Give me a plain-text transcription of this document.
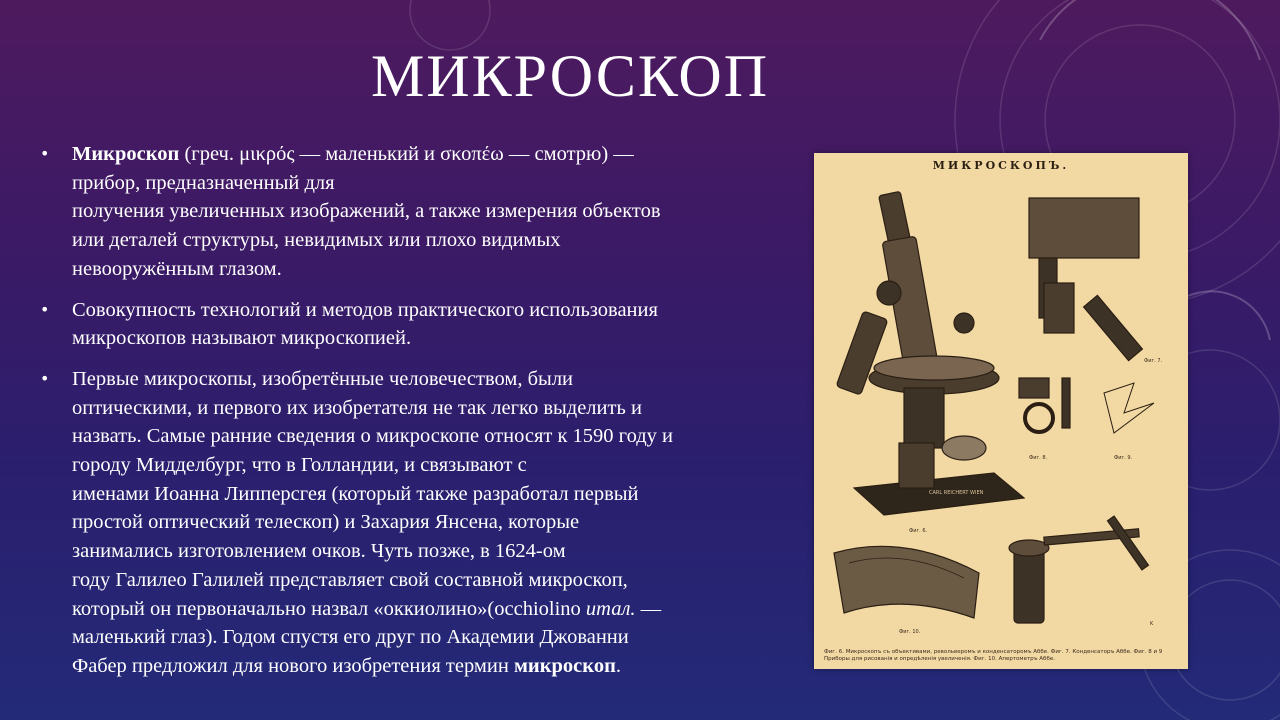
МИКРОСКОП
• Микроскоп (греч. μικρός — маленький и σκοπέω — смотрю) —
прибор, предназначенный для
получения увеличенных изображений, а также измерения объектов
или деталей структуры, невидимых или плохо видимых
невооружённым глазом.
• Совокупность технологий и методов практического использования
микроскопов называют микроскопией.
• Первые микроскопы, изобретённые человечеством, были
оптическими, и первого их изобретателя не так легко выделить и
назвать. Самые ранние сведения о микроскопе относят к 1590 году и
городу Мидделбург, что в Голландии, и связывают с
именами Иоанна Липперсгея (который также разработал первый
простой оптический телескоп) и Захария Янсена, которые
занимались изготовлением очков. Чуть позже, в 1624-ом
году Галилео Галилей представляет свой составной микроскоп,
который он первоначально назвал «оккиолино»(occhiolino итал. —
маленький глаз). Годом спустя его друг по Академии Джованни
Фабер предложил для нового изобретения термин микроскоп.
МИКРОСКОПЪ.
Фиг. 6.
Фиг. 7.
Фиг. 8.	Фиг. 9.
Фиг. 10.
K
CARL REICHERT WIEN
Фиг. 6. Микроскопъ съ объективами, револьверомъ и конденсаторомъ Аббе. Фиг. 7. Конденсаторъ Аббе. Фиг. 8 и 9 Приборы для рисованія и опредѣленія увеличенія. Фиг. 10. Апертометръ Аббе.
